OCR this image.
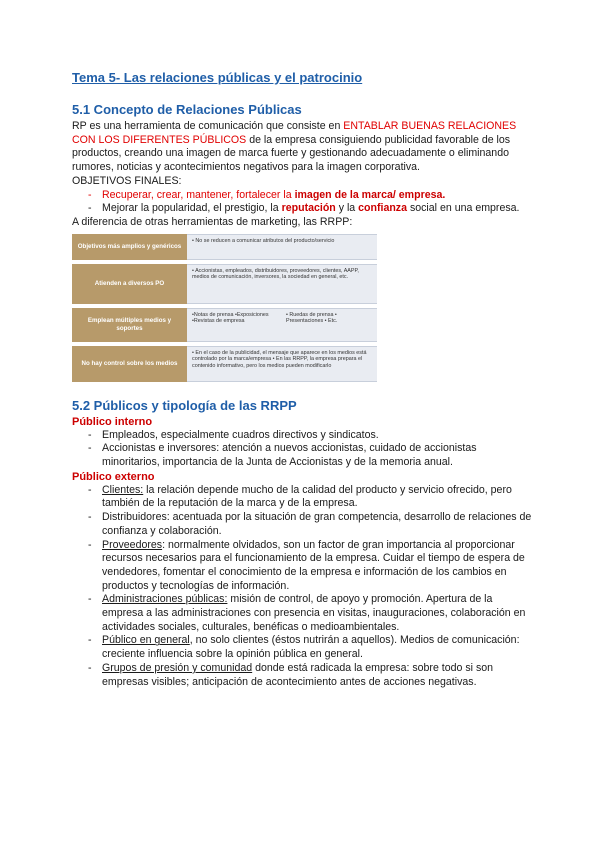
Tema 5- Las relaciones públicas y el patrocinio
5.1 Concepto de Relaciones Públicas

RP es una herramienta de comunicación que consiste en ENTABLAR BUENAS RELACIONES CON LOS DIFERENTES PÚBLICOS de la empresa consiguiendo publicidad favorable de los productos, creando una imagen de marca fuerte y gestionando adecuadamente o eliminando rumores, noticias y acontecimientos negativos para la imagen corporativa.

OBJETIVOS FINALES:

- Recuperar, crear, mantener, fortalecer la imagen de la marca/ empresa.
- Mejorar la popularidad, el prestigio, la reputación y la confianza social en una empresa.

A diferencia de otras herramientas de marketing, las RRPP:

Objetivos más amplios y genéricos
• No se reducen a comunicar atributos del producto/servicio
Atienden a diversos PO
• Accionistas, empleados, distribuidores, proveedores, clientes, AAPP, medios de comunicación, inversores, la sociedad en general, etc.
Emplean múltiples medios y soportes
•Notas de prensa •Exposiciones •Revistas de empresa
• Ruedas de prensa • Presentaciones • Etc.
No hay control sobre los medios
• En el caso de la publicidad, el mensaje que aparece en los medios está controlado por la marca/empresa • En las RRPP, la empresa prepara el contenido informativo, pero los medios pueden modificarlo
5.2 Públicos y tipología de las RRPP
Público interno
- Empleados, especialmente cuadros directivos y sindicatos.
- Accionistas e inversores: atención a nuevos accionistas, cuidado de accionistas minoritarios, importancia de la Junta de Accionistas y de la memoria anual.
Público externo
- Clientes: la relación depende mucho de la calidad del producto y servicio ofrecido, pero también de la reputación de la marca y de la empresa.
- Distribuidores: acentuada por la situación de gran competencia, desarrollo de relaciones de confianza y colaboración.
- Proveedores: normalmente olvidados, son un factor de gran importancia al proporcionar recursos necesarios para el funcionamiento de la empresa. Cuidar el tiempo de espera de vendedores, fomentar el conocimiento de la empresa e información de los cambios en productos y tecnologías de información.
- Administraciones públicas: misión de control, de apoyo y promoción. Apertura de la empresa a las administraciones con presencia en visitas, inauguraciones, colaboración en actividades sociales, culturales, benéficas o medioambientales.
- Público en general, no solo clientes (éstos nutrirán a aquellos). Medios de comunicación: creciente influencia sobre la opinión pública en general.
- Grupos de presión y comunidad donde está radicada la empresa: sobre todo si son empresas visibles; anticipación de acontecimiento antes de acciones negativas.
